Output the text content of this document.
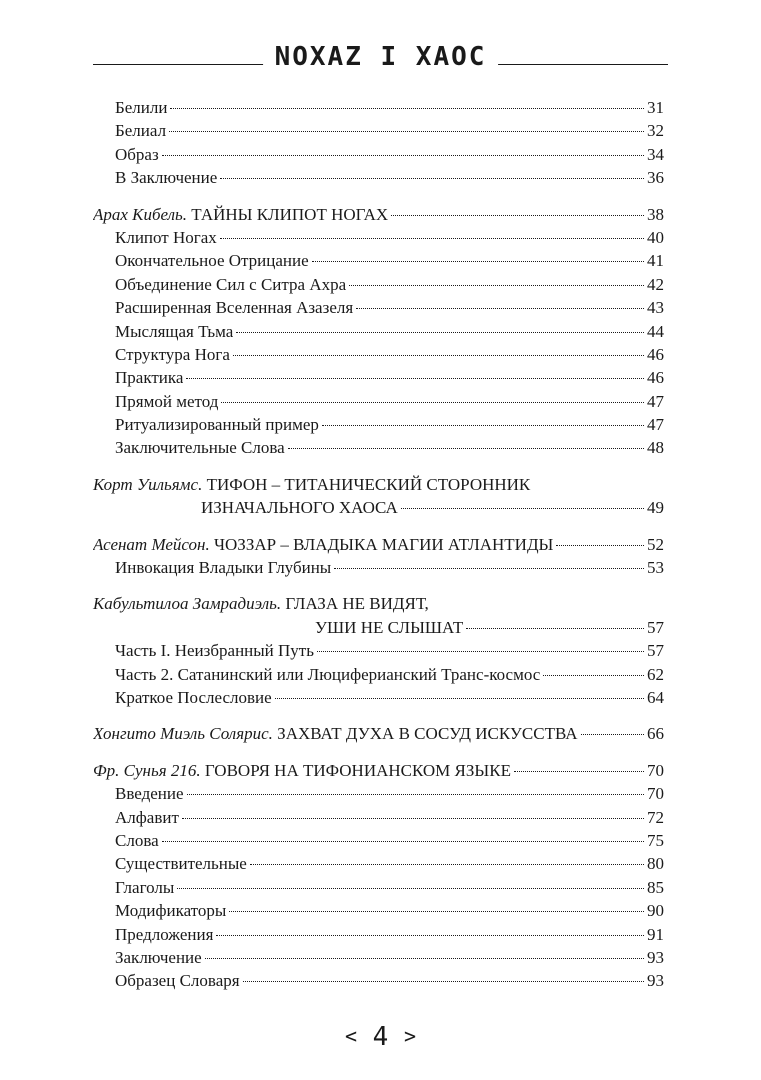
NOXAZ I XAOC
Белили	31
Белиал	32
Образ	34
В Заключение	36
Арах Кибель. ТАЙНЫ КЛИПОТ НОГАХ	38
Клипот Ногах	40
Окончательное Отрицание	41
Объединение Сил с Ситра Ахра	42
Расширенная Вселенная Азазеля	43
Мыслящая Тьма	44
Структура Нога	46
Практика	46
Прямой метод	47
Ритуализированный пример	47
Заключительные Слова	48
Корт Уильямс. ТИФОН – ТИТАНИЧЕСКИЙ СТОРОННИК
ИЗНАЧАЛЬНОГО ХАОСА	49
Асенат Мейсон. ЧОЗЗАР – ВЛАДЫКА МАГИИ АТЛАНТИДЫ	52
Инвокация Владыки Глубины	53
Кабультилоа Замрадиэль. ГЛАЗА НЕ ВИДЯТ,
УШИ НЕ СЛЫШАТ	57
Часть I. Неизбранный Путь	57
Часть 2. Сатанинский или Люциферианский Транс-космос	62
Краткое Послесловие	64
Хонгито Миэль Солярис. ЗАХВАТ ДУХА В СОСУД ИСКУССТВА	66
Фр. Сунья 216. ГОВОРЯ НА ТИФОНИАНСКОМ ЯЗЫКЕ	70
Введение	70
Алфавит	72
Слова	75
Существительные	80
Глаголы	85
Модификаторы	90
Предложения	91
Заключение	93
Образец Словаря	93
< 4 >
